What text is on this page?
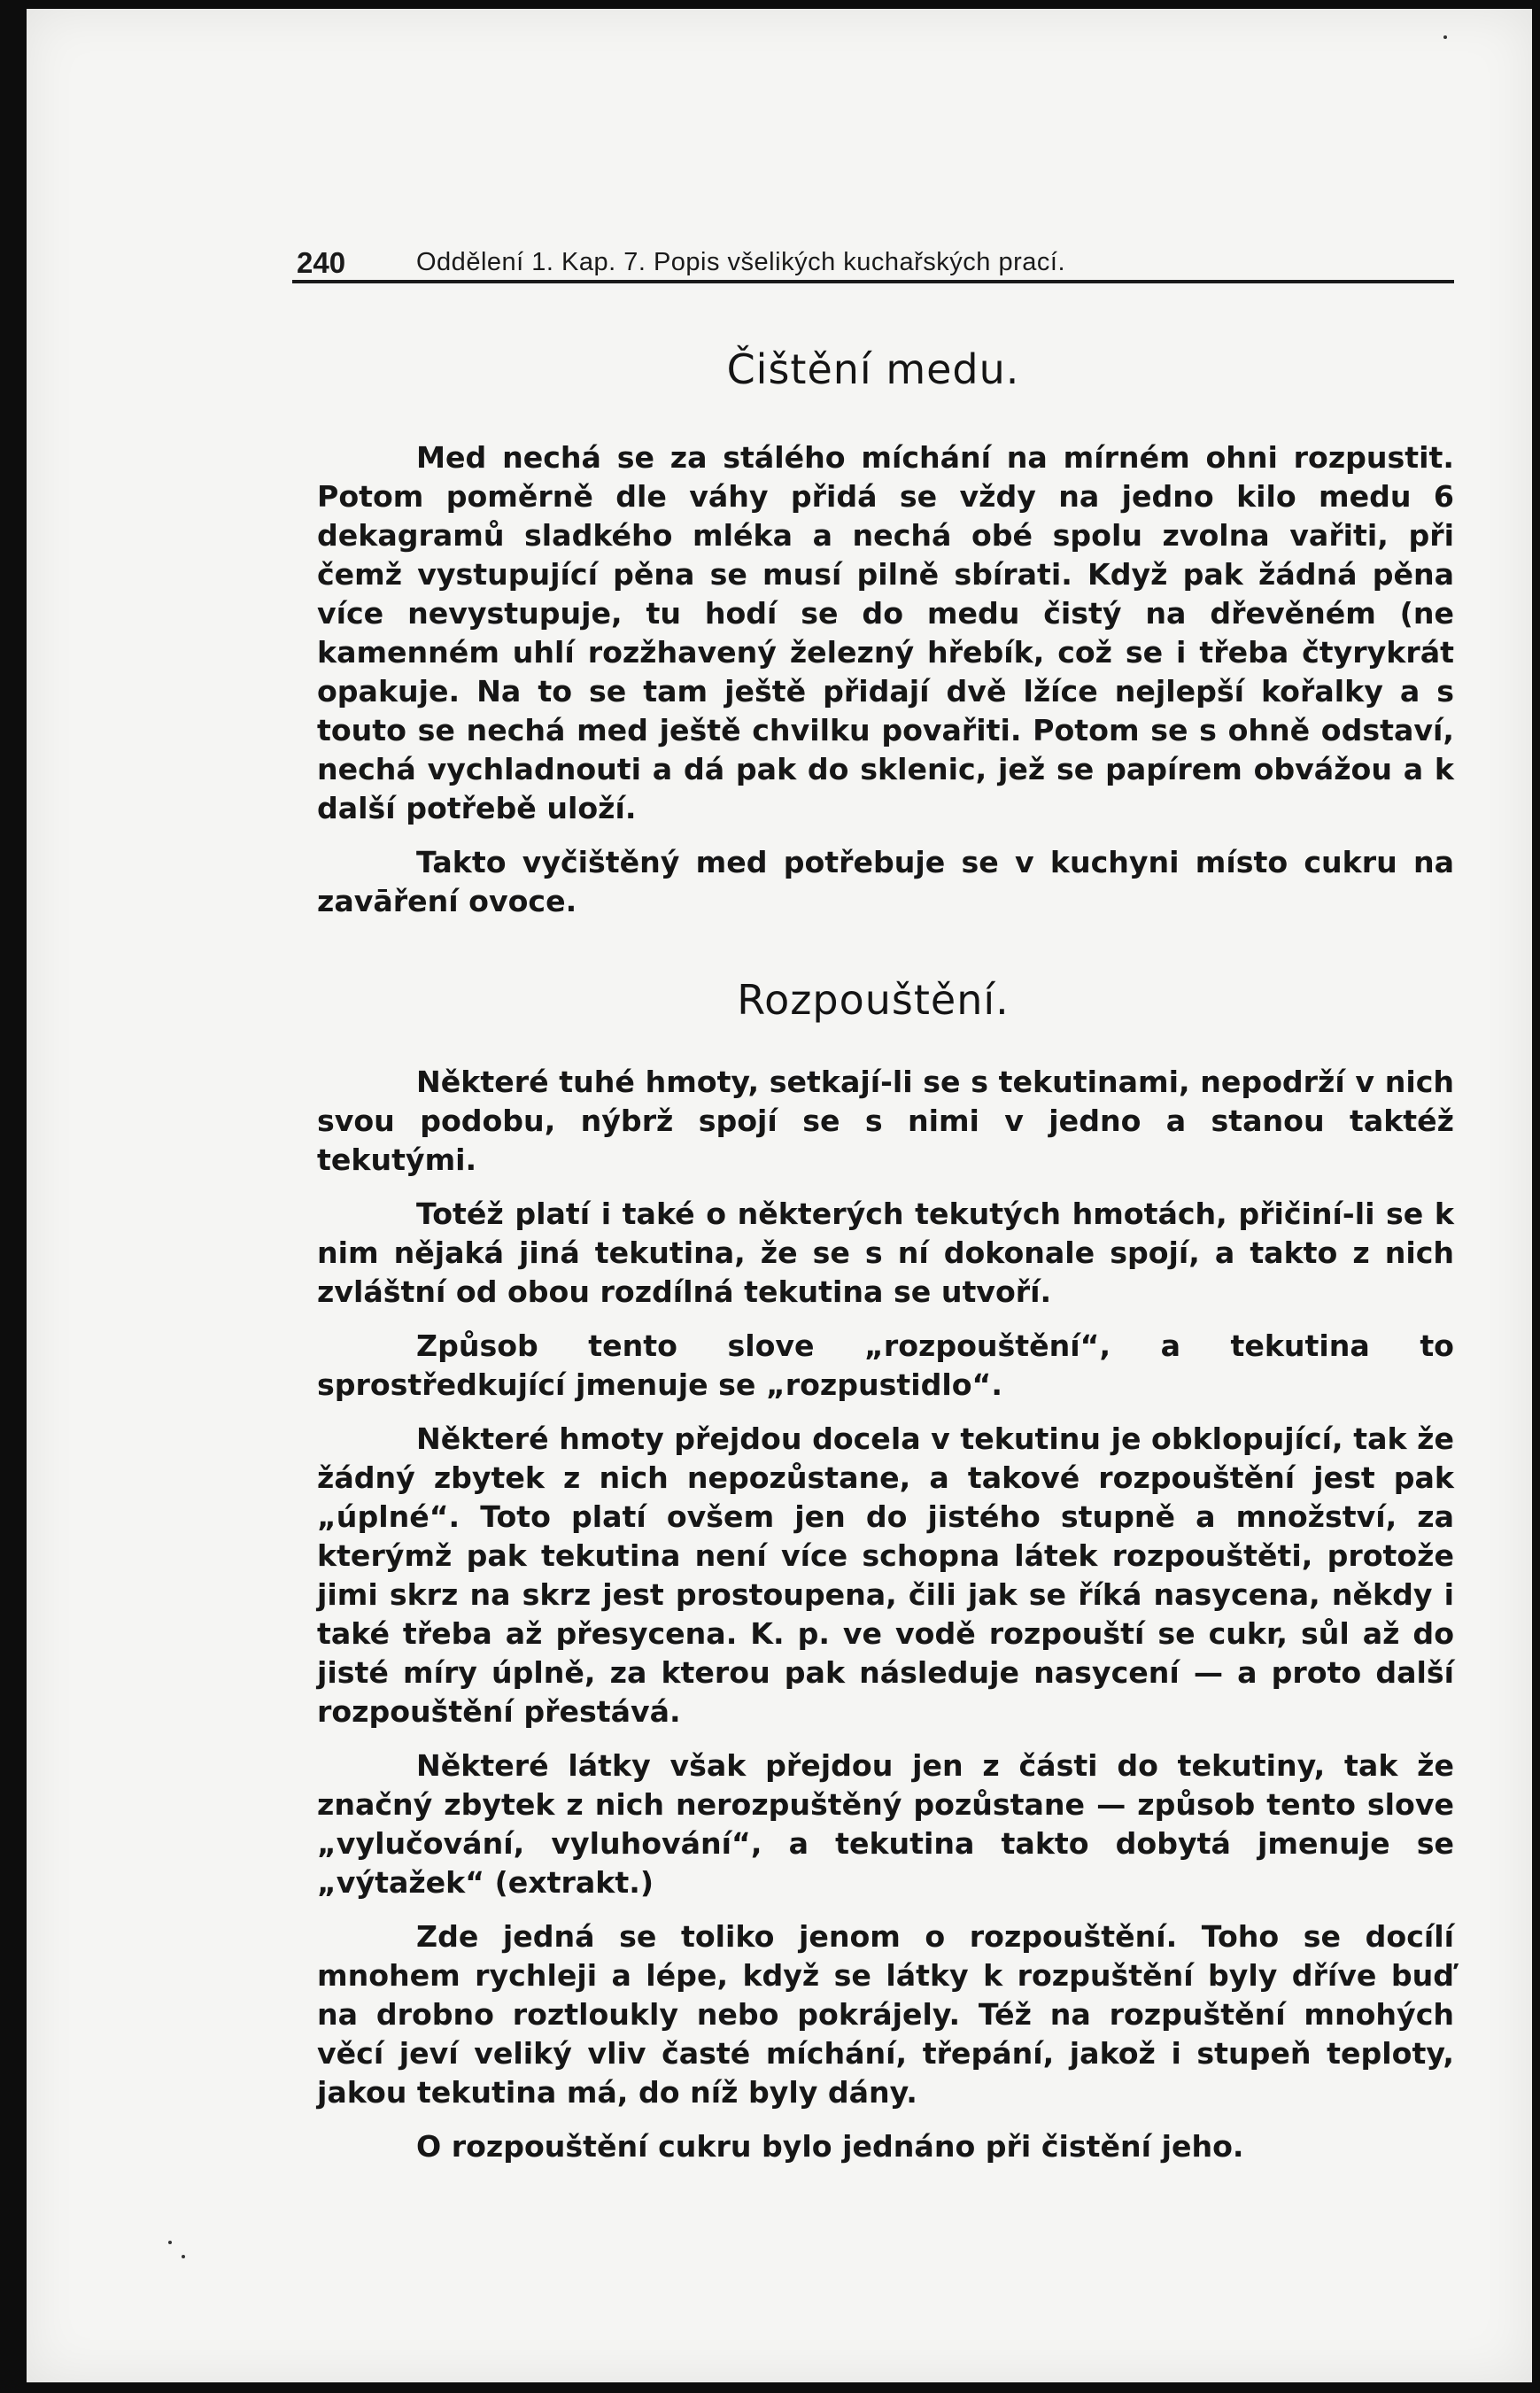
240	Oddělení 1. Kap. 7. Popis všelikých kuchařských prací.
Čištění medu.

Med nechá se za stálého míchání na mírném ohni rozpustit. Potom poměrně dle váhy přidá se vždy na jedno kilo medu 6 dekagramů sladkého mléka a nechá obé spolu zvolna vařiti, při čemž vystupující pěna se musí pilně sbírati. Když pak žádná pěna více nevystupuje, tu hodí se do medu čistý na dřevěném (ne kamenném uhlí rozžhavený železný hřebík, což se i třeba čtyrykrát opakuje. Na to se tam ještě přidají dvě lžíce nejlepší kořalky a s touto se nechá med ještě chvilku povařiti. Potom se s ohně odstaví, nechá vychladnouti a dá pak do sklenic, jež se papírem obvážou a k další potřebě uloží.

Takto vyčištěný med potřebuje se v kuchyni místo cukru na zavāření ovoce.

Rozpouštění.

Některé tuhé hmoty, setkají-li se s tekutinami, nepodrží v nich svou podobu, nýbrž spojí se s nimi v jedno a stanou taktéž tekutými.

Totéž platí i také o některých tekutých hmotách, přičiní-li se k nim nějaká jiná tekutina, že se s ní dokonale spojí, a takto z nich zvláštní od obou rozdílná tekutina se utvoří.

Způsob tento slove „rozpouštění“, a tekutina to sprostředkující jmenuje se „rozpustidlo“.

Některé hmoty přejdou docela v tekutinu je obklopující, tak že žádný zbytek z nich nepozůstane, a takové rozpouštění jest pak „úplné“. Toto platí ovšem jen do jistého stupně a množství, za kterýmž pak tekutina není více schopna látek rozpouštěti, protože jimi skrz na skrz jest prostoupena, čili jak se říká nasycena, někdy i také třeba až přesycena. K. p. ve vodě rozpouští se cukr, sůl až do jisté míry úplně, za kterou pak následuje nasycení — a proto další rozpouštění přestává.

Některé látky však přejdou jen z části do tekutiny, tak že značný zbytek z nich nerozpuštěný pozůstane — způsob tento slove „vylučování, vyluhování“, a tekutina takto dobytá jmenuje se „výtažek“ (extrakt.)

Zde jedná se toliko jenom o rozpouštění. Toho se docílí mnohem rychleji a lépe, když se látky k rozpuštění byly dříve buď na drobno roztloukly nebo pokrájely. Též na rozpuštění mnohých věcí jeví veliký vliv časté míchání, třepání, jakož i stupeň teploty, jakou tekutina má, do níž byly dány.

O rozpouštění cukru bylo jednáno při čistění jeho.
